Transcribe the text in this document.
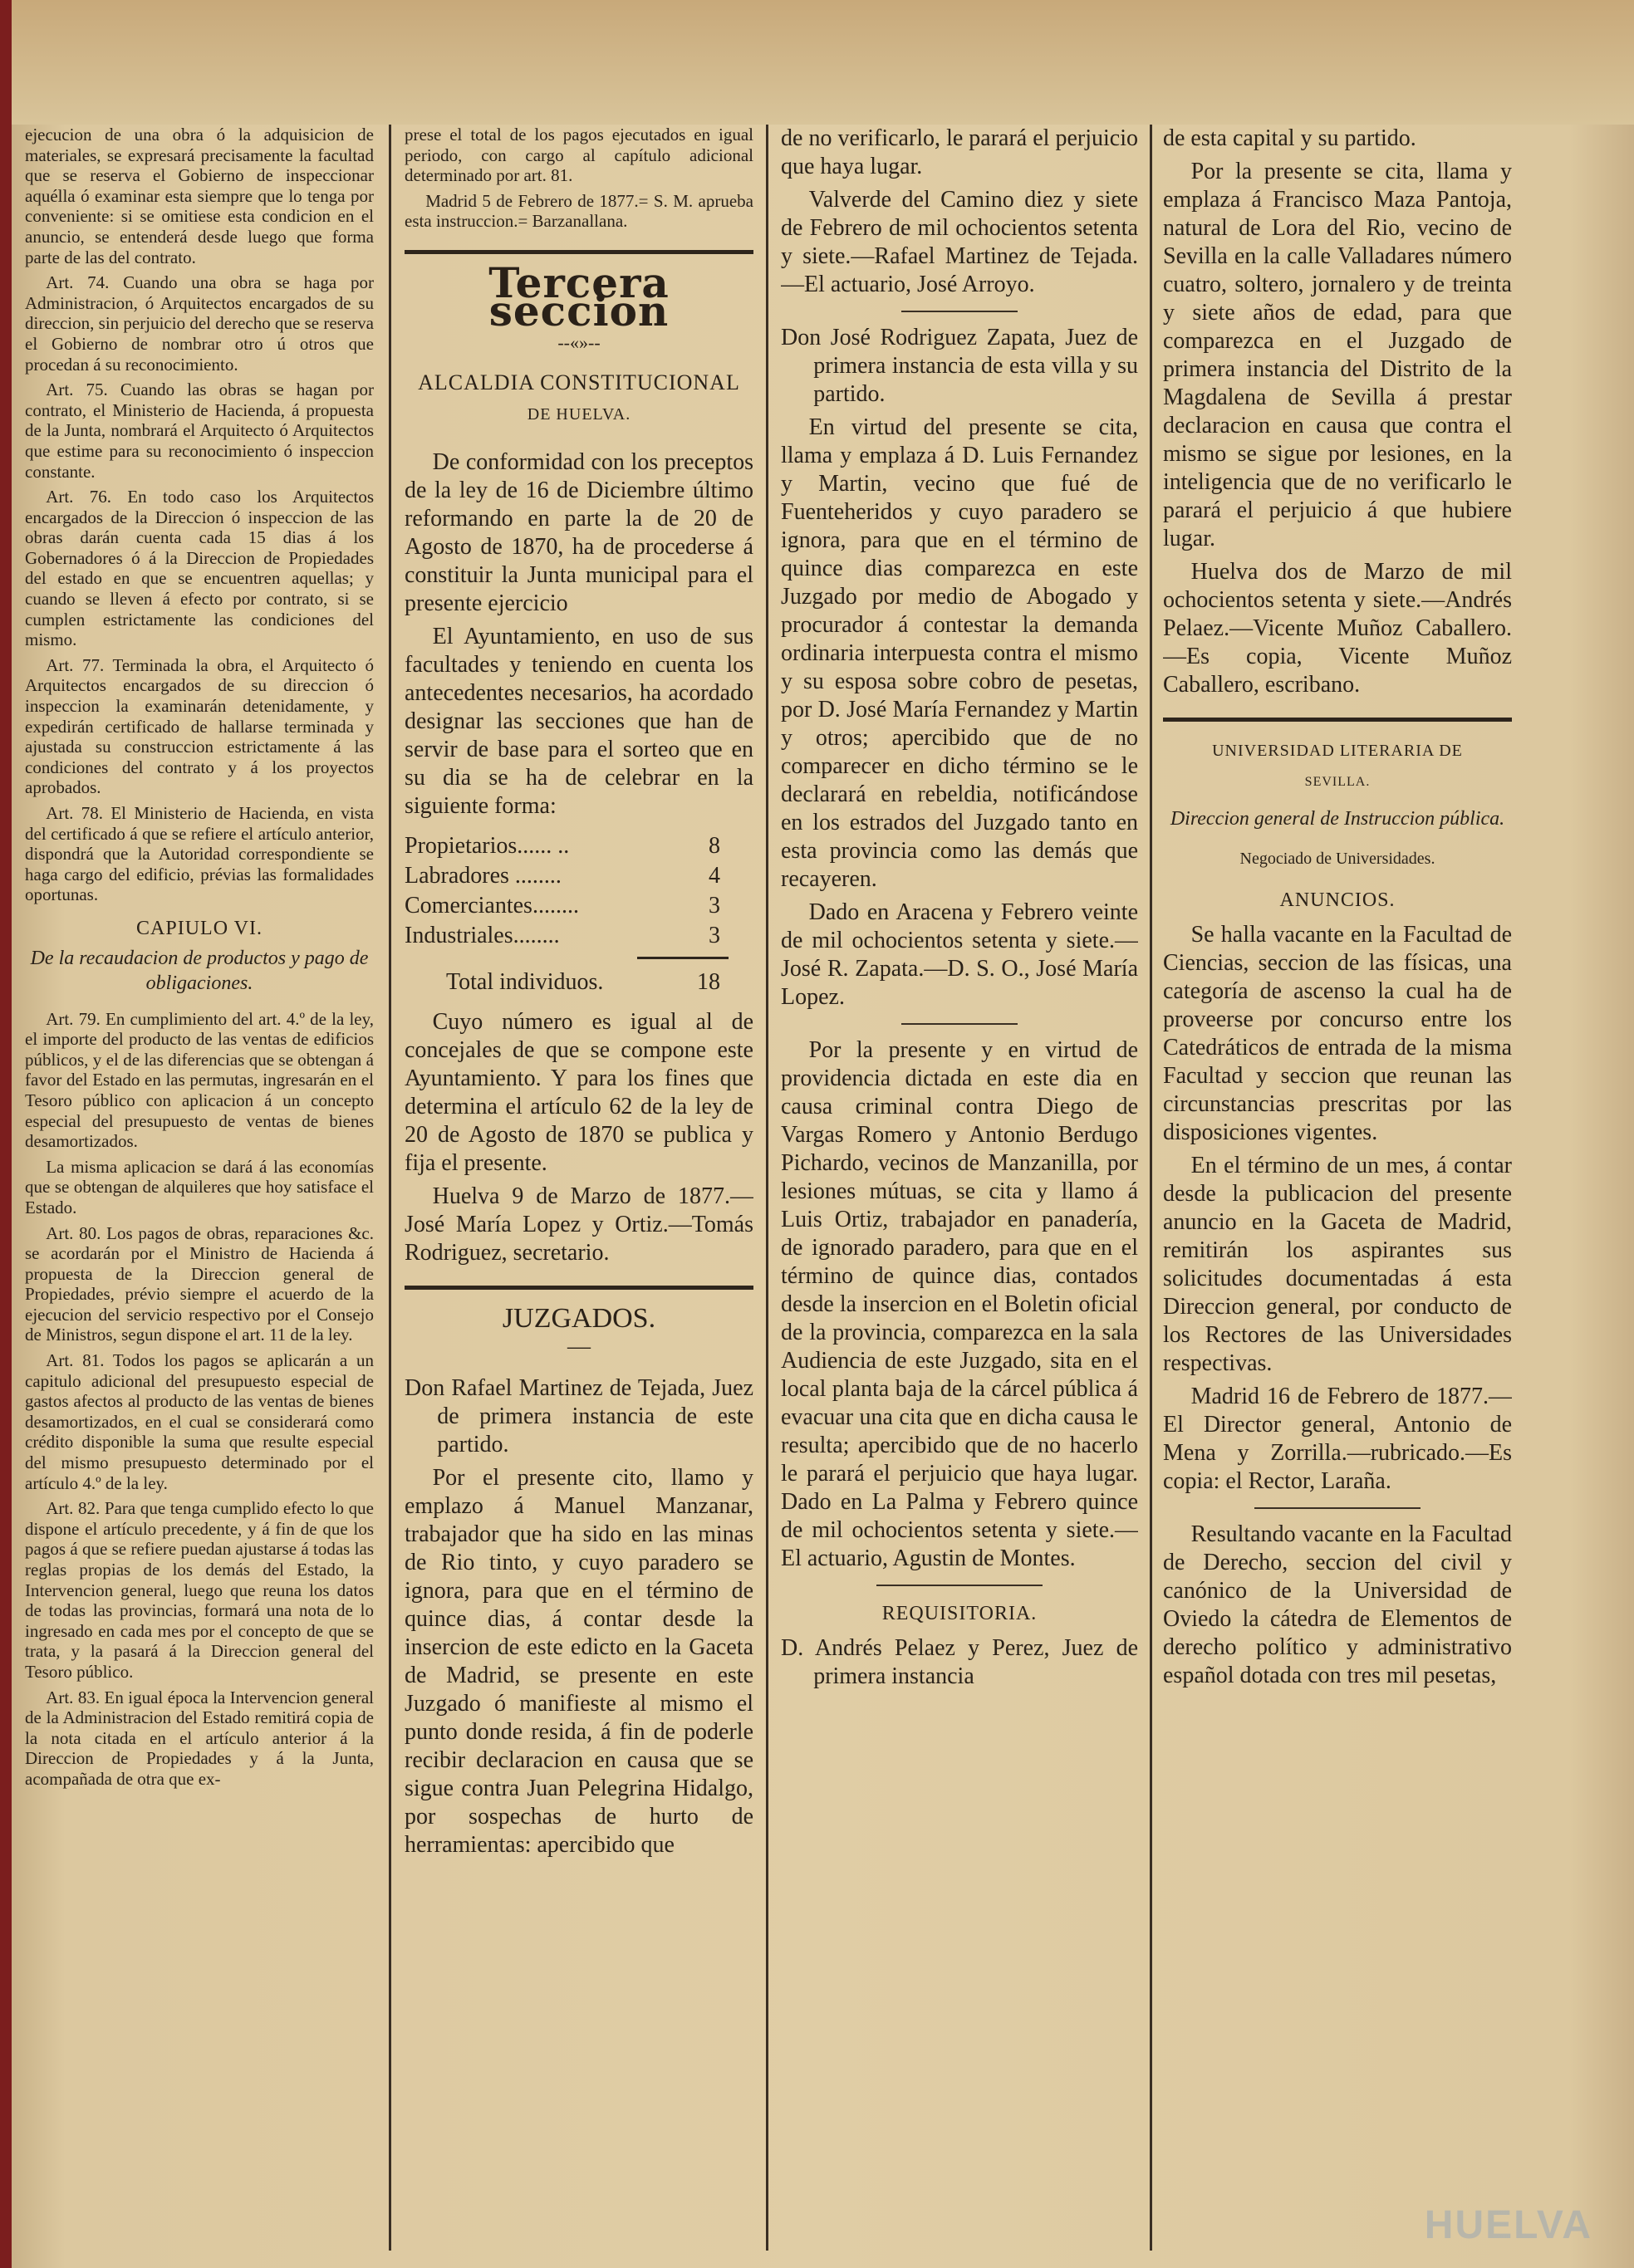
ejecucion de una obra ó la adquisicion de materiales, se expresará precisamente la facultad que se reserva el Gobierno de inspeccionar aquélla ó examinar esta siempre que lo tenga por conveniente: si se omitiese esta condicion en el anuncio, se entenderá desde luego que forma parte de las del contrato.

Art. 74. Cuando una obra se haga por Administracion, ó Arquitectos encargados de su direccion, sin perjuicio del derecho que se reserva el Gobierno de nombrar otro ú otros que procedan á su reconocimiento.

Art. 75. Cuando las obras se hagan por contrato, el Ministerio de Hacienda, á propuesta de la Junta, nombrará el Arquitecto ó Arquitectos que estime para su reconocimiento ó inspeccion constante.

Art. 76. En todo caso los Arquitectos encargados de la Direccion ó inspeccion de las obras darán cuenta cada 15 dias á los Gobernadores ó á la Direccion de Propiedades del estado en que se encuentren aquellas; y cuando se lleven á efecto por contrato, si se cumplen estrictamente las condiciones del mismo.

Art. 77. Terminada la obra, el Arquitecto ó Arquitectos encargados de su direccion ó inspeccion la examinarán detenidamente, y expedirán certificado de hallarse terminada y ajustada su construccion estrictamente á las condiciones del contrato y á los proyectos aprobados.

Art. 78. El Ministerio de Hacienda, en vista del certificado á que se refiere el artículo anterior, dispondrá que la Autoridad correspondiente se haga cargo del edificio, prévias las formalidades oportunas.

CAPIULO VI.

De la recaudacion de productos y pago de obligaciones.

Art. 79. En cumplimiento del art. 4.º de la ley, el importe del producto de las ventas de edificios públicos, y el de las diferencias que se obtengan á favor del Estado en las permutas, ingresarán en el Tesoro público con aplicacion á un concepto especial del presupuesto de ventas de bienes desamortizados.

La misma aplicacion se dará á las economías que se obtengan de alquileres que hoy satisface el Estado.

Art. 80. Los pagos de obras, reparaciones &c. se acordarán por el Ministro de Hacienda á propuesta de la Direccion general de Propiedades, prévio siempre el acuerdo de la ejecucion del servicio respectivo por el Consejo de Ministros, segun dispone el art. 11 de la ley.

Art. 81. Todos los pagos se aplicarán a un capitulo adicional del presupuesto especial de gastos afectos al producto de las ventas de bienes desamortizados, en el cual se considerará como crédito disponible la suma que resulte especial del mismo presupuesto determinado por el artículo 4.º de la ley.

Art. 82. Para que tenga cumplido efecto lo que dispone el artículo precedente, y á fin de que los pagos á que se refiere puedan ajustarse á todas las reglas propias de los demás del Estado, la Intervencion general, luego que reuna los datos de todas las provincias, formará una nota de lo ingresado en cada mes por el concepto de que se trata, y la pasará á la Direccion general del Tesoro público.

Art. 83. En igual época la Intervencion general de la Administracion del Estado remitirá copia de la nota citada en el artículo anterior á la Direccion de Propiedades y á la Junta, acompañada de otra que ex-

prese el total de los pagos ejecutados en igual periodo, con cargo al capítulo adicional determinado por art. 81.

Madrid 5 de Febrero de 1877.= S. M. aprueba esta instruccion.= Barzanallana.

Tercera seccion
--«»--
ALCALDIA CONSTITUCIONAL
DE HUELVA.

De conformidad con los preceptos de la ley de 16 de Diciembre último reformando en parte la de 20 de Agosto de 1870, ha de procederse á constituir la Junta municipal para el presente ejercicio

El Ayuntamiento, en uso de sus facultades y teniendo en cuenta los antecedentes necesarios, ha acordado designar las secciones que han de servir de base para el sorteo que en su dia se ha de celebrar en la siguiente forma:

Propietarios...... ..	8
Labradores ........	4
Comerciantes........	3
Industriales........	3
Total individuos.	18

Cuyo número es igual al de concejales de que se compone este Ayuntamiento. Y para los fines que determina el artículo 62 de la ley de 20 de Agosto de 1870 se publica y fija el presente.

Huelva 9 de Marzo de 1877.—José María Lopez y Ortiz.—Tomás Rodriguez, secretario.

JUZGADOS.
—

Don Rafael Martinez de Tejada, Juez de primera instancia de este partido.

Por el presente cito, llamo y emplazo á Manuel Manzanar, trabajador que ha sido en las minas de Rio tinto, y cuyo paradero se ignora, para que en el término de quince dias, á contar desde la insercion de este edicto en la Gaceta de Madrid, se presente en este Juzgado ó manifieste al mismo el punto donde resida, á fin de poderle recibir declaracion en causa que se sigue contra Juan Pelegrina Hidalgo, por sospechas de hurto de herramientas: apercibido que

de no verificarlo, le parará el perjuicio que haya lugar.

Valverde del Camino diez y siete de Febrero de mil ochocientos setenta y siete.—Rafael Martinez de Tejada.—El actuario, José Arroyo.

Don José Rodriguez Zapata, Juez de primera instancia de esta villa y su partido.

En virtud del presente se cita, llama y emplaza á D. Luis Fernandez y Martin, vecino que fué de Fuenteheridos y cuyo paradero se ignora, para que en el término de quince dias comparezca en este Juzgado por medio de Abogado y procurador á contestar la demanda ordinaria interpuesta contra el mismo y su esposa sobre cobro de pesetas, por D. José María Fernandez y Martin y otros; apercibido que de no comparecer en dicho término se le declarará en rebeldia, notificándose en los estrados del Juzgado tanto en esta provincia como las demás que recayeren.

Dado en Aracena y Febrero veinte de mil ochocientos setenta y siete.—José R. Zapata.—D. S. O., José María Lopez.

Por la presente y en virtud de providencia dictada en este dia en causa criminal contra Diego de Vargas Romero y Antonio Berdugo Pichardo, vecinos de Manzanilla, por lesiones mútuas, se cita y llamo á Luis Ortiz, trabajador en panadería, de ignorado paradero, para que en el término de quince dias, contados desde la insercion en el Boletin oficial de la provincia, comparezca en la sala Audiencia de este Juzgado, sita en el local planta baja de la cárcel pública á evacuar una cita que en dicha causa le resulta; apercibido que de no hacerlo le parará el perjuicio que haya lugar. Dado en La Palma y Febrero quince de mil ochocientos setenta y siete.—El actuario, Agustin de Montes.

REQUISITORIA.

D. Andrés Pelaez y Perez, Juez de primera instancia

de esta capital y su partido.

Por la presente se cita, llama y emplaza á Francisco Maza Pantoja, natural de Lora del Rio, vecino de Sevilla en la calle Valladares número cuatro, soltero, jornalero y de treinta y siete años de edad, para que comparezca en el Juzgado de primera instancia del Distrito de la Magdalena de Sevilla á prestar declaracion en causa que contra el mismo se sigue por lesiones, en la inteligencia que de no verificarlo le parará el perjuicio á que hubiere lugar.

Huelva dos de Marzo de mil ochocientos setenta y siete.—Andrés Pelaez.—Vicente Muñoz Caballero.—Es copia, Vicente Muñoz Caballero, escribano.

UNIVERSIDAD LITERARIA DE
SEVILLA.

Direccion general de Instruccion pública.

Negociado de Universidades.

ANUNCIOS.

Se halla vacante en la Facultad de Ciencias, seccion de las físicas, una categoría de ascenso la cual ha de proveerse por concurso entre los Catedráticos de entrada de la misma Facultad y seccion que reunan las circunstancias prescritas por las disposiciones vigentes.

En el término de un mes, á contar desde la publicacion del presente anuncio en la Gaceta de Madrid, remitirán los aspirantes sus solicitudes documentadas á esta Direccion general, por conducto de los Rectores de las Universidades respectivas.

Madrid 16 de Febrero de 1877.—El Director general, Antonio de Mena y Zorrilla.—rubricado.—Es copia: el Rector, Laraña.

Resultando vacante en la Facultad de Derecho, seccion del civil y canónico de la Universidad de Oviedo la cátedra de Elementos de derecho político y administrativo español dotada con tres mil pesetas,

HUELVA
